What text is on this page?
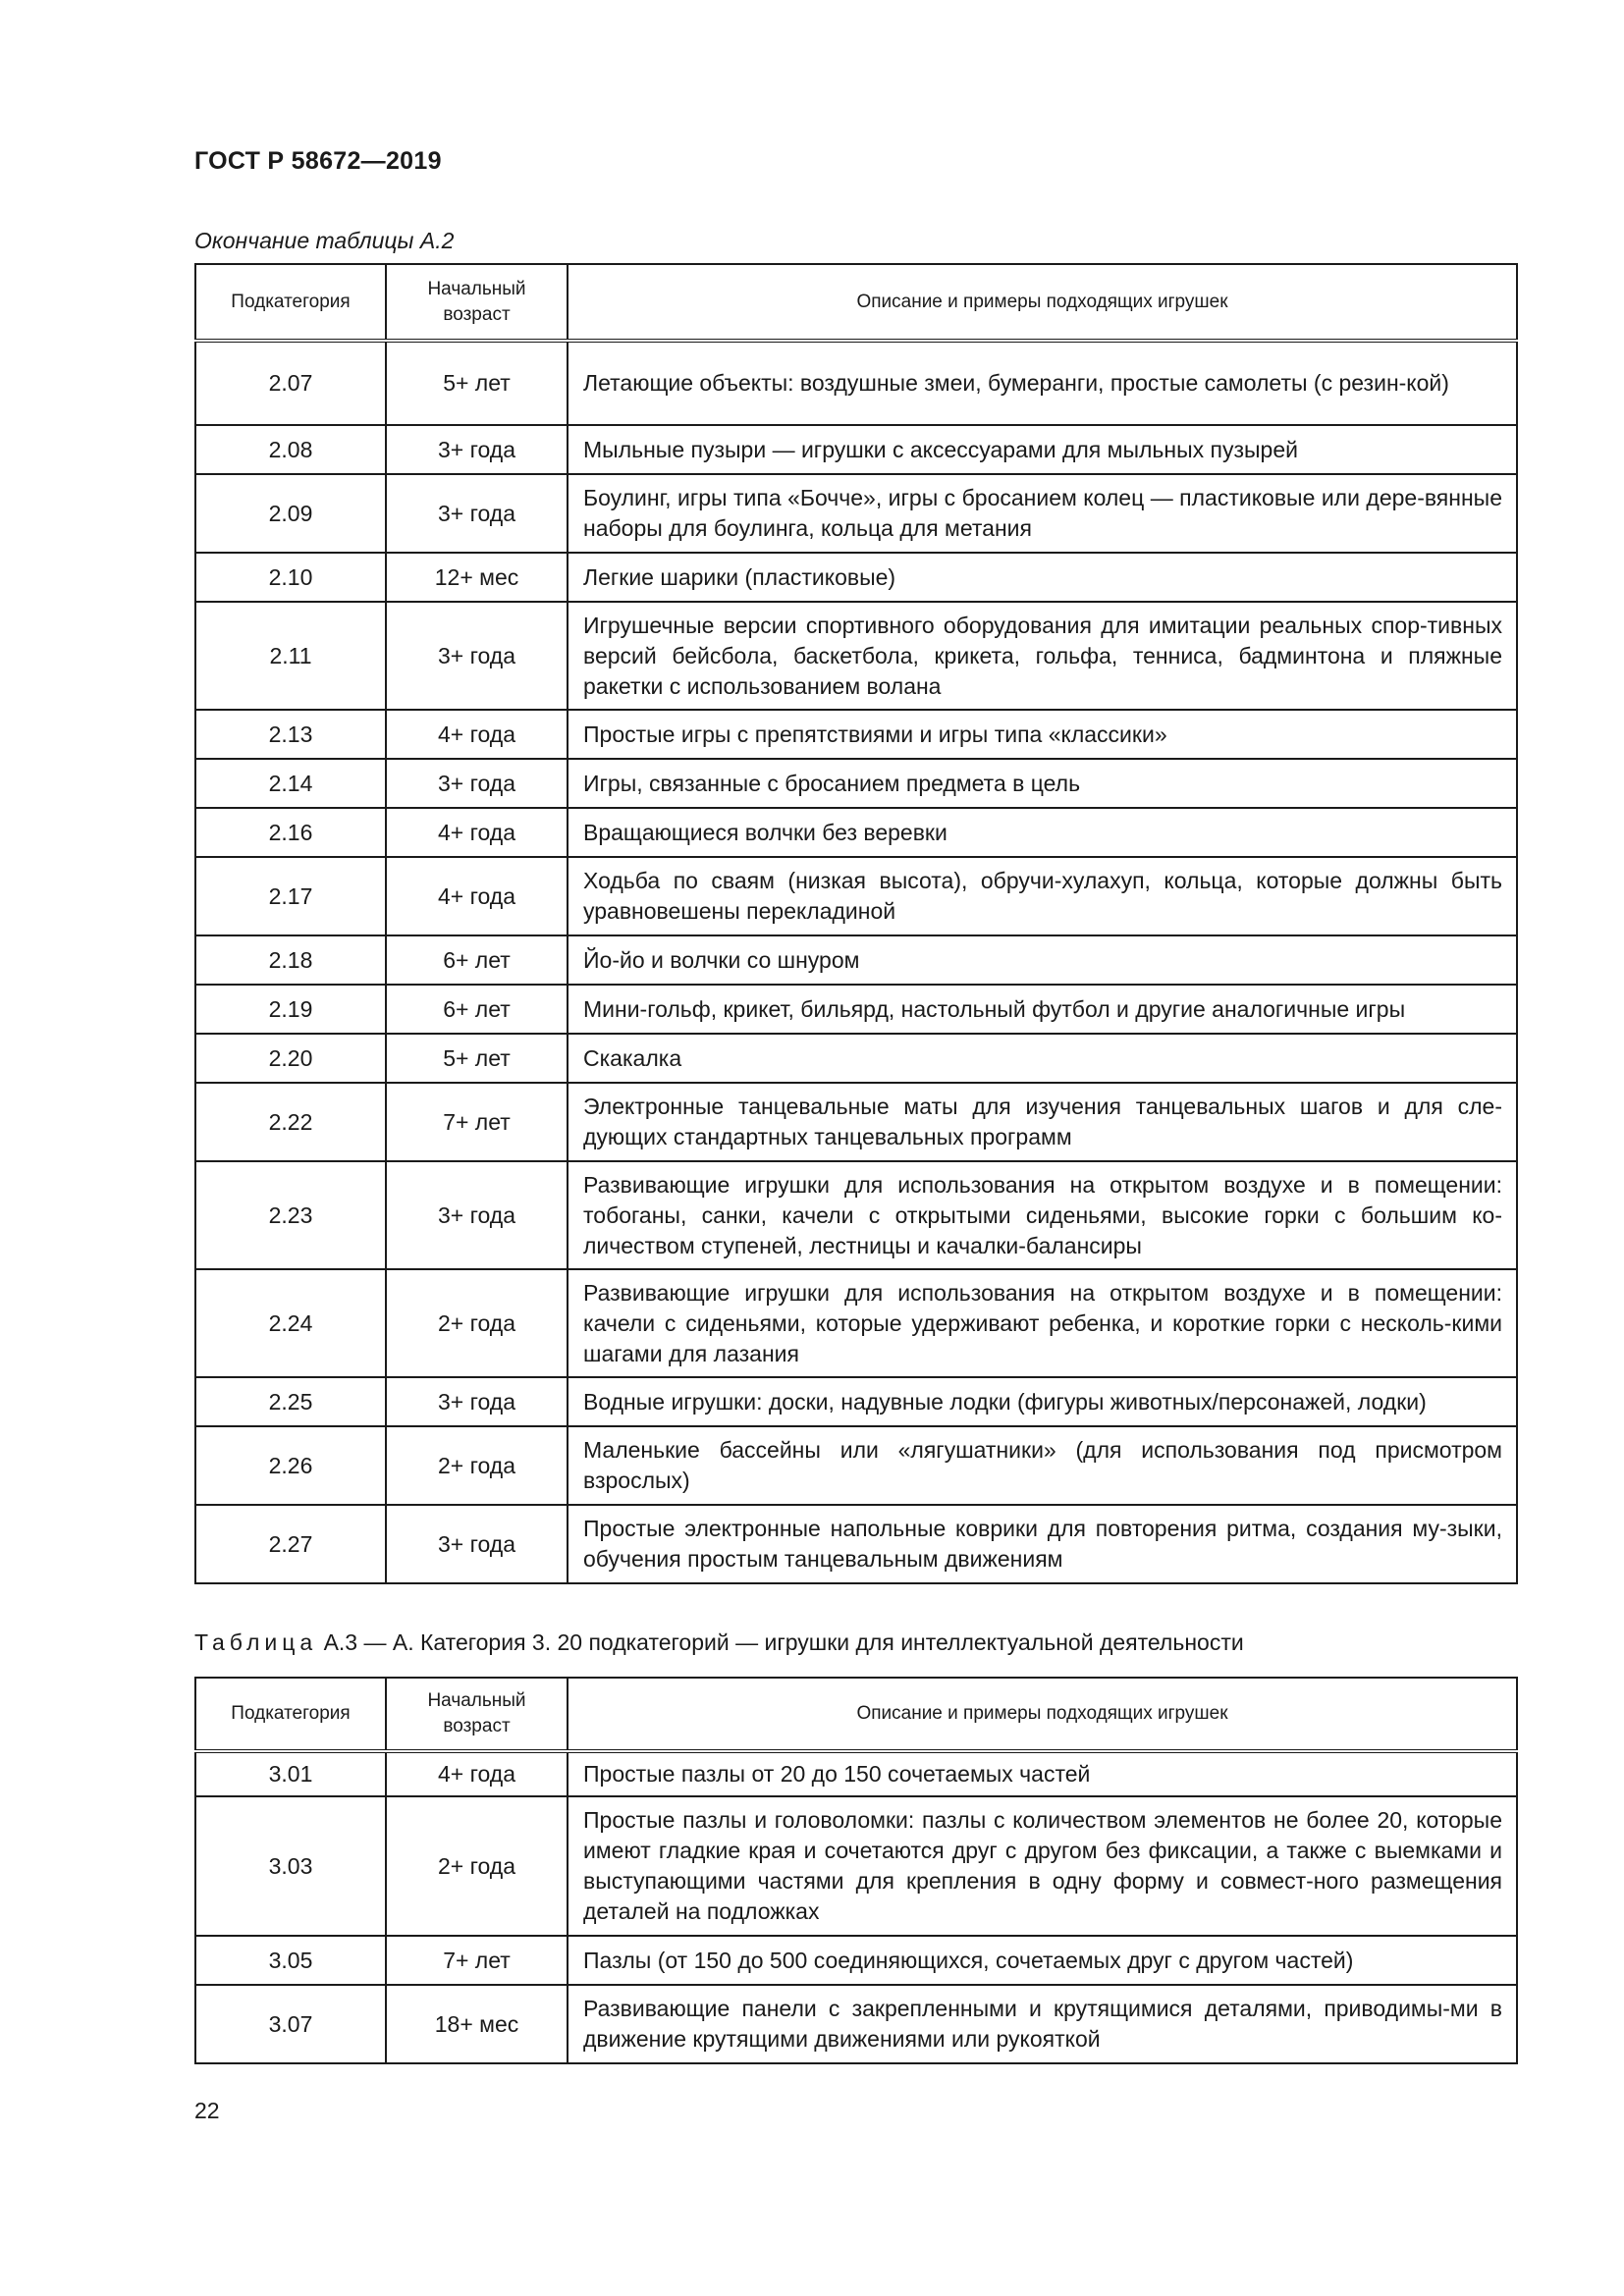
ГОСТ Р 58672—2019
Окончание таблицы А.2
Подкатегория	Начальный возраст	Описание и примеры подходящих игрушек
2.07	5+ лет	Летающие объекты: воздушные змеи, бумеранги, простые самолеты (с резин-кой)
2.08	3+ года	Мыльные пузыри — игрушки с аксессуарами для мыльных пузырей
2.09	3+ года	Боулинг, игры типа «Бочче», игры с бросанием колец — пластиковые или дере-вянные наборы для боулинга, кольца для метания
2.10	12+ мес	Легкие шарики (пластиковые)
2.11	3+ года	Игрушечные версии спортивного оборудования для имитации реальных спор-тивных версий бейсбола, баскетбола, крикета, гольфа, тенниса, бадминтона и пляжные ракетки с использованием волана
2.13	4+ года	Простые игры с препятствиями и игры типа «классики»
2.14	3+ года	Игры, связанные с бросанием предмета в цель
2.16	4+ года	Вращающиеся волчки без веревки
2.17	4+ года	Ходьба по сваям (низкая высота), обручи-хулахуп, кольца, которые должны быть уравновешены перекладиной
2.18	6+ лет	Йо-йо и волчки со шнуром
2.19	6+ лет	Мини-гольф, крикет, бильярд, настольный футбол и другие аналогичные игры
2.20	5+ лет	Скакалка
2.22	7+ лет	Электронные танцевальные маты для изучения танцевальных шагов и для сле-дующих стандартных танцевальных программ
2.23	3+ года	Развивающие игрушки для использования на открытом воздухе и в помещении: тобоганы, санки, качели с открытыми сиденьями, высокие горки с большим ко-личеством ступеней, лестницы и качалки-балансиры
2.24	2+ года	Развивающие игрушки для использования на открытом воздухе и в помещении: качели с сиденьями, которые удерживают ребенка, и короткие горки с несколь-кими шагами для лазания
2.25	3+ года	Водные игрушки: доски, надувные лодки (фигуры животных/персонажей, лодки)
2.26	2+ года	Маленькие бассейны или «лягушатники» (для использования под присмотром взрослых)
2.27	3+ года	Простые электронные напольные коврики для повторения ритма, создания му-зыки, обучения простым танцевальным движениям
Таблица А.3 — А. Категория 3. 20 подкатегорий — игрушки для интеллектуальной деятельности
Подкатегория	Начальный возраст	Описание и примеры подходящих игрушек
3.01	4+ года	Простые пазлы от 20 до 150 сочетаемых частей
3.03	2+ года	Простые пазлы и головоломки: пазлы с количеством элементов не более 20, которые имеют гладкие края и сочетаются друг с другом без фиксации, а также с выемками и выступающими частями для крепления в одну форму и совмест-ного размещения деталей на подложках
3.05	7+ лет	Пазлы (от 150 до 500 соединяющихся, сочетаемых друг с другом частей)
3.07	18+ мес	Развивающие панели с закрепленными и крутящимися деталями, приводимы-ми в движение крутящими движениями или рукояткой
22
